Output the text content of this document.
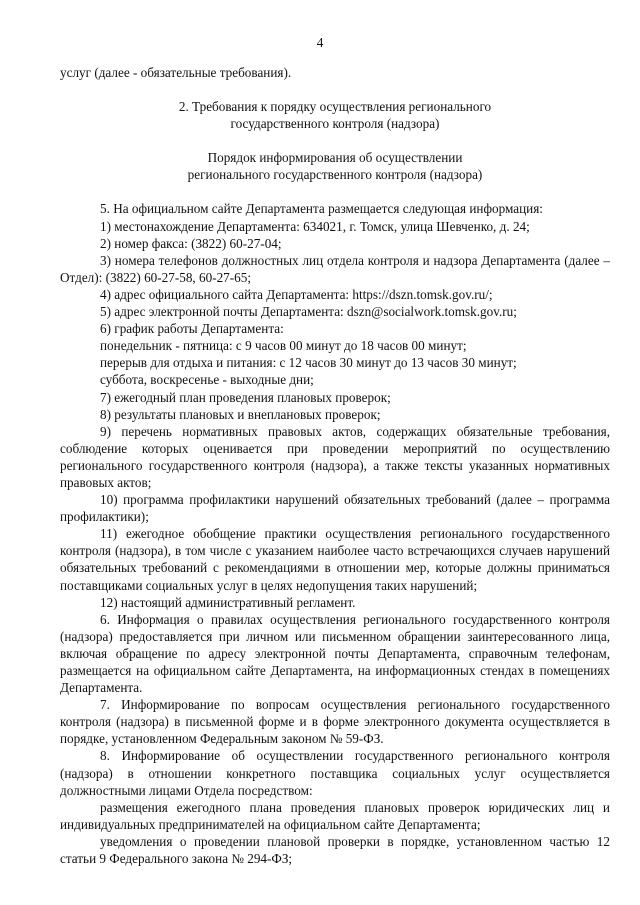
4

услуг (далее - обязательные требования).

2. Требования к порядку осуществления регионального

государственного контроля (надзора)

Порядок информирования об осуществлении

регионального государственного контроля (надзора)

5. На официальном сайте Департамента размещается следующая информация:

1) местонахождение Департамента: 634021, г. Томск, улица Шевченко, д. 24;

2) номер факса: (3822) 60-27-04;

3) номера телефонов должностных лиц отдела контроля и надзора Департамента (далее – Отдел): (3822) 60-27-58, 60-27-65;

4) адрес официального сайта Департамента: https://dszn.tomsk.gov.ru/;

5) адрес электронной почты Департамента: dszn@socialwork.tomsk.gov.ru;

6) график работы Департамента:

понедельник - пятница: с 9 часов 00 минут до 18 часов 00 минут;

перерыв для отдыха и питания: с 12 часов 30 минут до 13 часов 30 минут;

суббота, воскресенье - выходные дни;

7) ежегодный план проведения плановых проверок;

8) результаты плановых и внеплановых проверок;

9) перечень нормативных правовых актов, содержащих обязательные требования, соблюдение которых оценивается при проведении мероприятий по осуществлению регионального государственного контроля (надзора), а также тексты указанных нормативных правовых актов;

10) программа профилактики нарушений обязательных требований (далее – программа профилактики);

11) ежегодное обобщение практики осуществления регионального государственного контроля (надзора), в том числе с указанием наиболее часто встречающихся случаев нарушений обязательных требований с рекомендациями в отношении мер, которые должны приниматься поставщиками социальных услуг в целях недопущения таких нарушений;

12) настоящий административный регламент.

6. Информация о правилах осуществления регионального государственного контроля (надзора) предоставляется при личном или письменном обращении заинтересованного лица, включая обращение по адресу электронной почты Департамента, справочным телефонам, размещается на официальном сайте Департамента, на информационных стендах в помещениях Департамента.

7. Информирование по вопросам осуществления регионального государственного контроля (надзора) в письменной форме и в форме электронного документа осуществляется в порядке, установленном Федеральным законом № 59-ФЗ.

8. Информирование об осуществлении государственного регионального контроля (надзора) в отношении конкретного поставщика социальных услуг осуществляется должностными лицами Отдела посредством:

размещения ежегодного плана проведения плановых проверок юридических лиц и индивидуальных предпринимателей на официальном сайте Департамента;

уведомления о проведении плановой проверки в порядке, установленном частью 12 статьи 9 Федерального закона № 294-ФЗ;
